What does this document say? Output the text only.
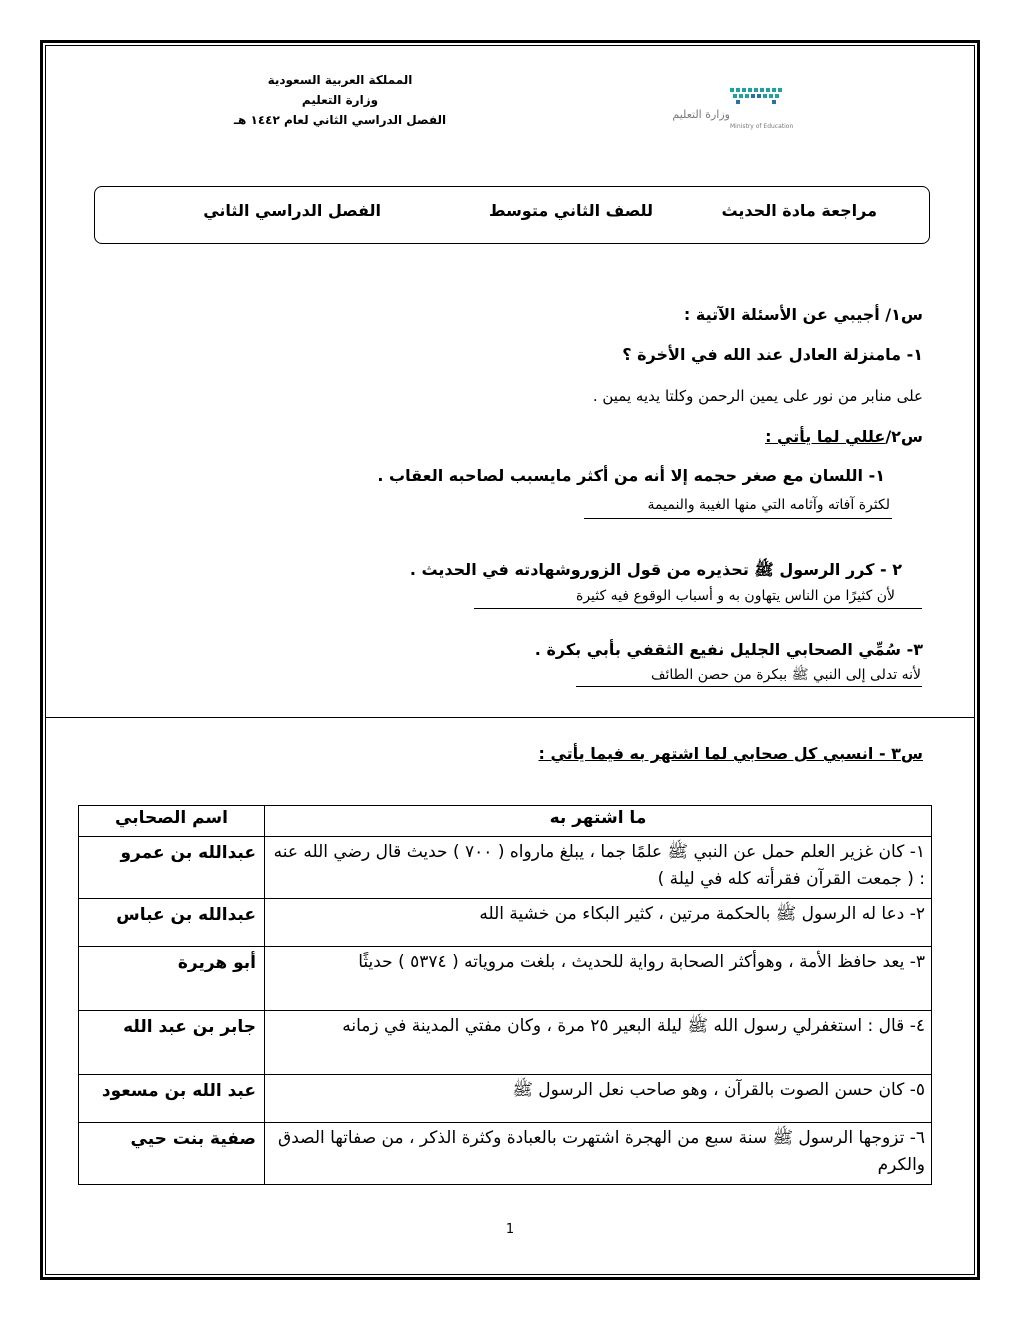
المملكة العربية السعودية
وزارة التعليم
الفصل الدراسي الثاني لعام ١٤٤٢ هـ	وزارة التعليم
Ministry of Education
مراجعة مادة الحديث
للصف الثاني متوسط
الفصل الدراسي الثاني
س١/ أجيبي عن الأسئلة الآتية :
١- مامنزلة العادل عند الله في الأخرة ؟
على منابر من نور على يمين الرحمن وكلتا يديه يمين .
س٢/عللي لما يأتي :
١- اللسان مع صغر حجمه إلا أنه من أكثر مايسبب لصاحبه العقاب .
لكثرة آفاته وآثامه التي منها الغيبة والنميمة
٢ - كرر الرسول ﷺ تحذيره من قول الزوروشهادته في الحديث .
لأن كثيرًا من الناس يتهاون به و أسباب الوقوع فيه كثيرة
٣- سُمِّي الصحابي الجليل نفيع الثقفي بأبي بكرة .
لأنه تدلى إلى النبي ﷺ ببكرة من حصن الطائف
س٣ - انسبي كل صحابي لما اشتهر به فيما يأتي :
ما اشتهر به	اسم الصحابي
١- كان غزير العلم حمل عن النبي ﷺ علمًا جما ، يبلغ مارواه ( ٧٠٠ ) حديث قال رضي الله عنه : ( جمعت القرآن فقرأته كله في ليلة )	عبدالله بن عمرو
٢- دعا له الرسول ﷺ بالحكمة مرتين ، كثير البكاء من خشية الله	عبدالله بن عباس
٣- يعد حافظ الأمة ، وهوأكثر الصحابة رواية للحديث ، بلغت مروياته ( ٥٣٧٤ ) حديثًا	أبو هريرة
٤- قال : استغفرلي رسول الله ﷺ ليلة البعير ٢٥ مرة ، وكان مفتي المدينة في زمانه	جابر بن عبد الله
٥- كان حسن الصوت بالقرآن ، وهو صاحب نعل الرسول ﷺ	عبد الله بن مسعود
٦- تزوجها الرسول ﷺ سنة سبع من الهجرة اشتهرت بالعبادة وكثرة الذكر ، من صفاتها الصدق والكرم	صفية بنت حيي
1
